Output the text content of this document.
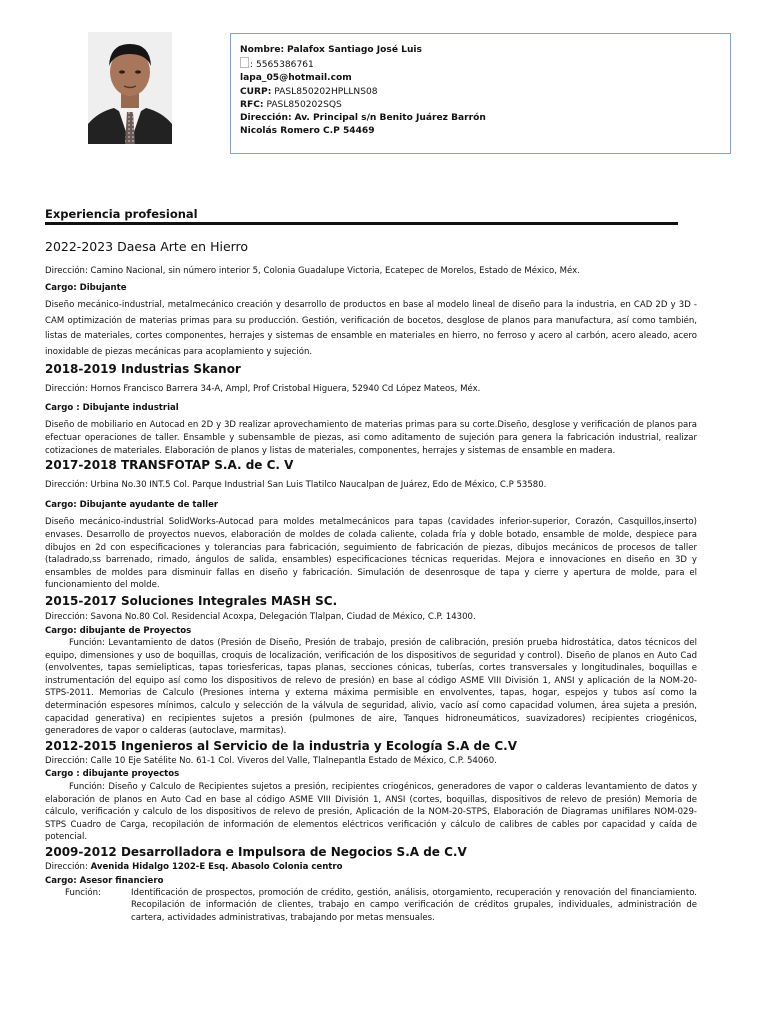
Nombre: Palafox Santiago José Luis
: 5565386761
lapa_05@hotmail.com
CURP: PASL850202HPLLNS08
RFC: PASL850202SQS
Dirección: Av. Principal s/n Benito Juárez Barrón
Nicolás Romero C.P 54469
Experiencia profesional
2022-2023 Daesa Arte en Hierro

Dirección: Camino Nacional, sin número interior 5, Colonia Guadalupe Victoria, Ecatepec de Morelos, Estado de México, Méx.

Cargo: Dibujante

Diseño mecánico-industrial, metalmecánico creación y desarrollo de productos en base al modelo lineal de diseño para la industria, en CAD 2D y 3D -CAM optimización de materias primas para su producción. Gestión, verificación de bocetos, desglose de planos para manufactura, así como también, listas de materiales, cortes componentes, herrajes y sistemas de ensamble en materiales en hierro, no ferroso y acero al carbón, acero aleado, acero inoxidable de piezas mecánicas para acoplamiento y sujeción.

2018-2019 Industrias Skanor

Dirección: Hornos Francisco Barrera 34-A, Ampl, Prof Cristobal Higuera, 52940 Cd López Mateos, Méx.

Cargo : Dibujante industrial

Diseño de mobiliario en Autocad en 2D y 3D realizar aprovechamiento de materias primas para su corte.Diseño, desglose y verificación de planos para efectuar operaciones de taller. Ensamble y subensamble de piezas, asi como aditamento de sujeción para genera la fabricación industrial, realizar cotizaciones de materiales. Elaboración de planos y listas de materiales, componentes, herrajes y sistemas de ensamble en madera.

2017-2018 TRANSFOTAP S.A. de C. V

Dirección: Urbina No.30 INT.5 Col. Parque Industrial San Luis Tlatilco Naucalpan de Juárez, Edo de México, C.P 53580.

Cargo: Dibujante ayudante de taller

Diseño mecánico-industrial SolidWorks-Autocad para moldes metalmecánicos para tapas (cavidades inferior-superior, Corazón, Casquillos,inserto) envases. Desarrollo de proyectos nuevos, elaboración de moldes de colada caliente, colada fría y doble botado, ensamble de molde, despiece para dibujos en 2d con especificaciones y tolerancias para fabricación, seguimiento de fabricación de piezas, dibujos mecánicos de procesos de taller (taladrado,ss barrenado, rimado, ángulos de salida, ensambles) especificaciones técnicas requeridas. Mejora e innovaciones en diseño en 3D y ensambles de moldes para disminuir fallas en diseño y fabricación. Simulación de desenrosque de tapa y cierre y apertura de molde, para el funcionamiento del molde.

2015-2017 Soluciones Integrales MASH SC.

Dirección: Savona No.80 Col. Residencial Acoxpa, Delegación Tlalpan, Ciudad de México, C.P. 14300.

Cargo: dibujante de Proyectos

Función: Levantamiento de datos (Presión de Diseño, Presión de trabajo, presión de calibración, presión prueba hidrostática, datos técnicos del equipo, dimensiones y uso de boquillas, croquis de localización, verificación de los dispositivos de seguridad y control). Diseño de planos en Auto Cad (envolventes, tapas semielipticas, tapas toriesfericas, tapas planas, secciones cónicas, tuberías, cortes transversales y longitudinales, boquillas e instrumentación del equipo así como los dispositivos de relevo de presión) en base al código ASME VIII División 1, ANSI y aplicación de la NOM-20-STPS-2011. Memorias de Calculo (Presiones interna y externa máxima permisible en envolventes, tapas, hogar, espejos y tubos así como la determinación espesores mínimos, calculo y selección de la válvula de seguridad, alivio, vacío así como capacidad volumen, área sujeta a presión, capacidad generativa) en recipientes sujetos a presión (pulmones de aire, Tanques hidroneumáticos, suavizadores) recipientes criogénicos, generadores de vapor o calderas (autoclave, marmitas).

2012-2015 Ingenieros al Servicio de la industria y Ecología S.A de C.V

Dirección: Calle 10 Eje Satélite No. 61-1 Col. Viveros del Valle, Tlalnepantla Estado de México, C.P. 54060.

Cargo : dibujante proyectos

Función: Diseño y Calculo de Recipientes sujetos a presión, recipientes criogénicos, generadores de vapor o calderas levantamiento de datos y elaboración de planos en Auto Cad en base al código ASME VIII División 1, ANSI (cortes, boquillas, dispositivos de relevo de presión) Memoria de cálculo, verificación y calculo de los dispositivos de relevo de presión, Aplicación de la NOM-20-STPS, Elaboración de Diagramas unifilares NOM-029-STPS Cuadro de Carga, recopilación de información de elementos eléctricos verificación y cálculo de calibres de cables por capacidad y caída de potencial.

2009-2012 Desarrolladora e Impulsora de Negocios S.A de C.V

Dirección: Avenida Hidalgo 1202-E Esq. Abasolo Colonia centro

Cargo: Asesor financiero

Función:	Identificación de prospectos, promoción de crédito, gestión, análisis, otorgamiento, recuperación y renovación del financiamiento. Recopilación de información de clientes, trabajo en campo verificación de créditos grupales, individuales, administración de cartera, actividades administrativas, trabajando por metas mensuales.
